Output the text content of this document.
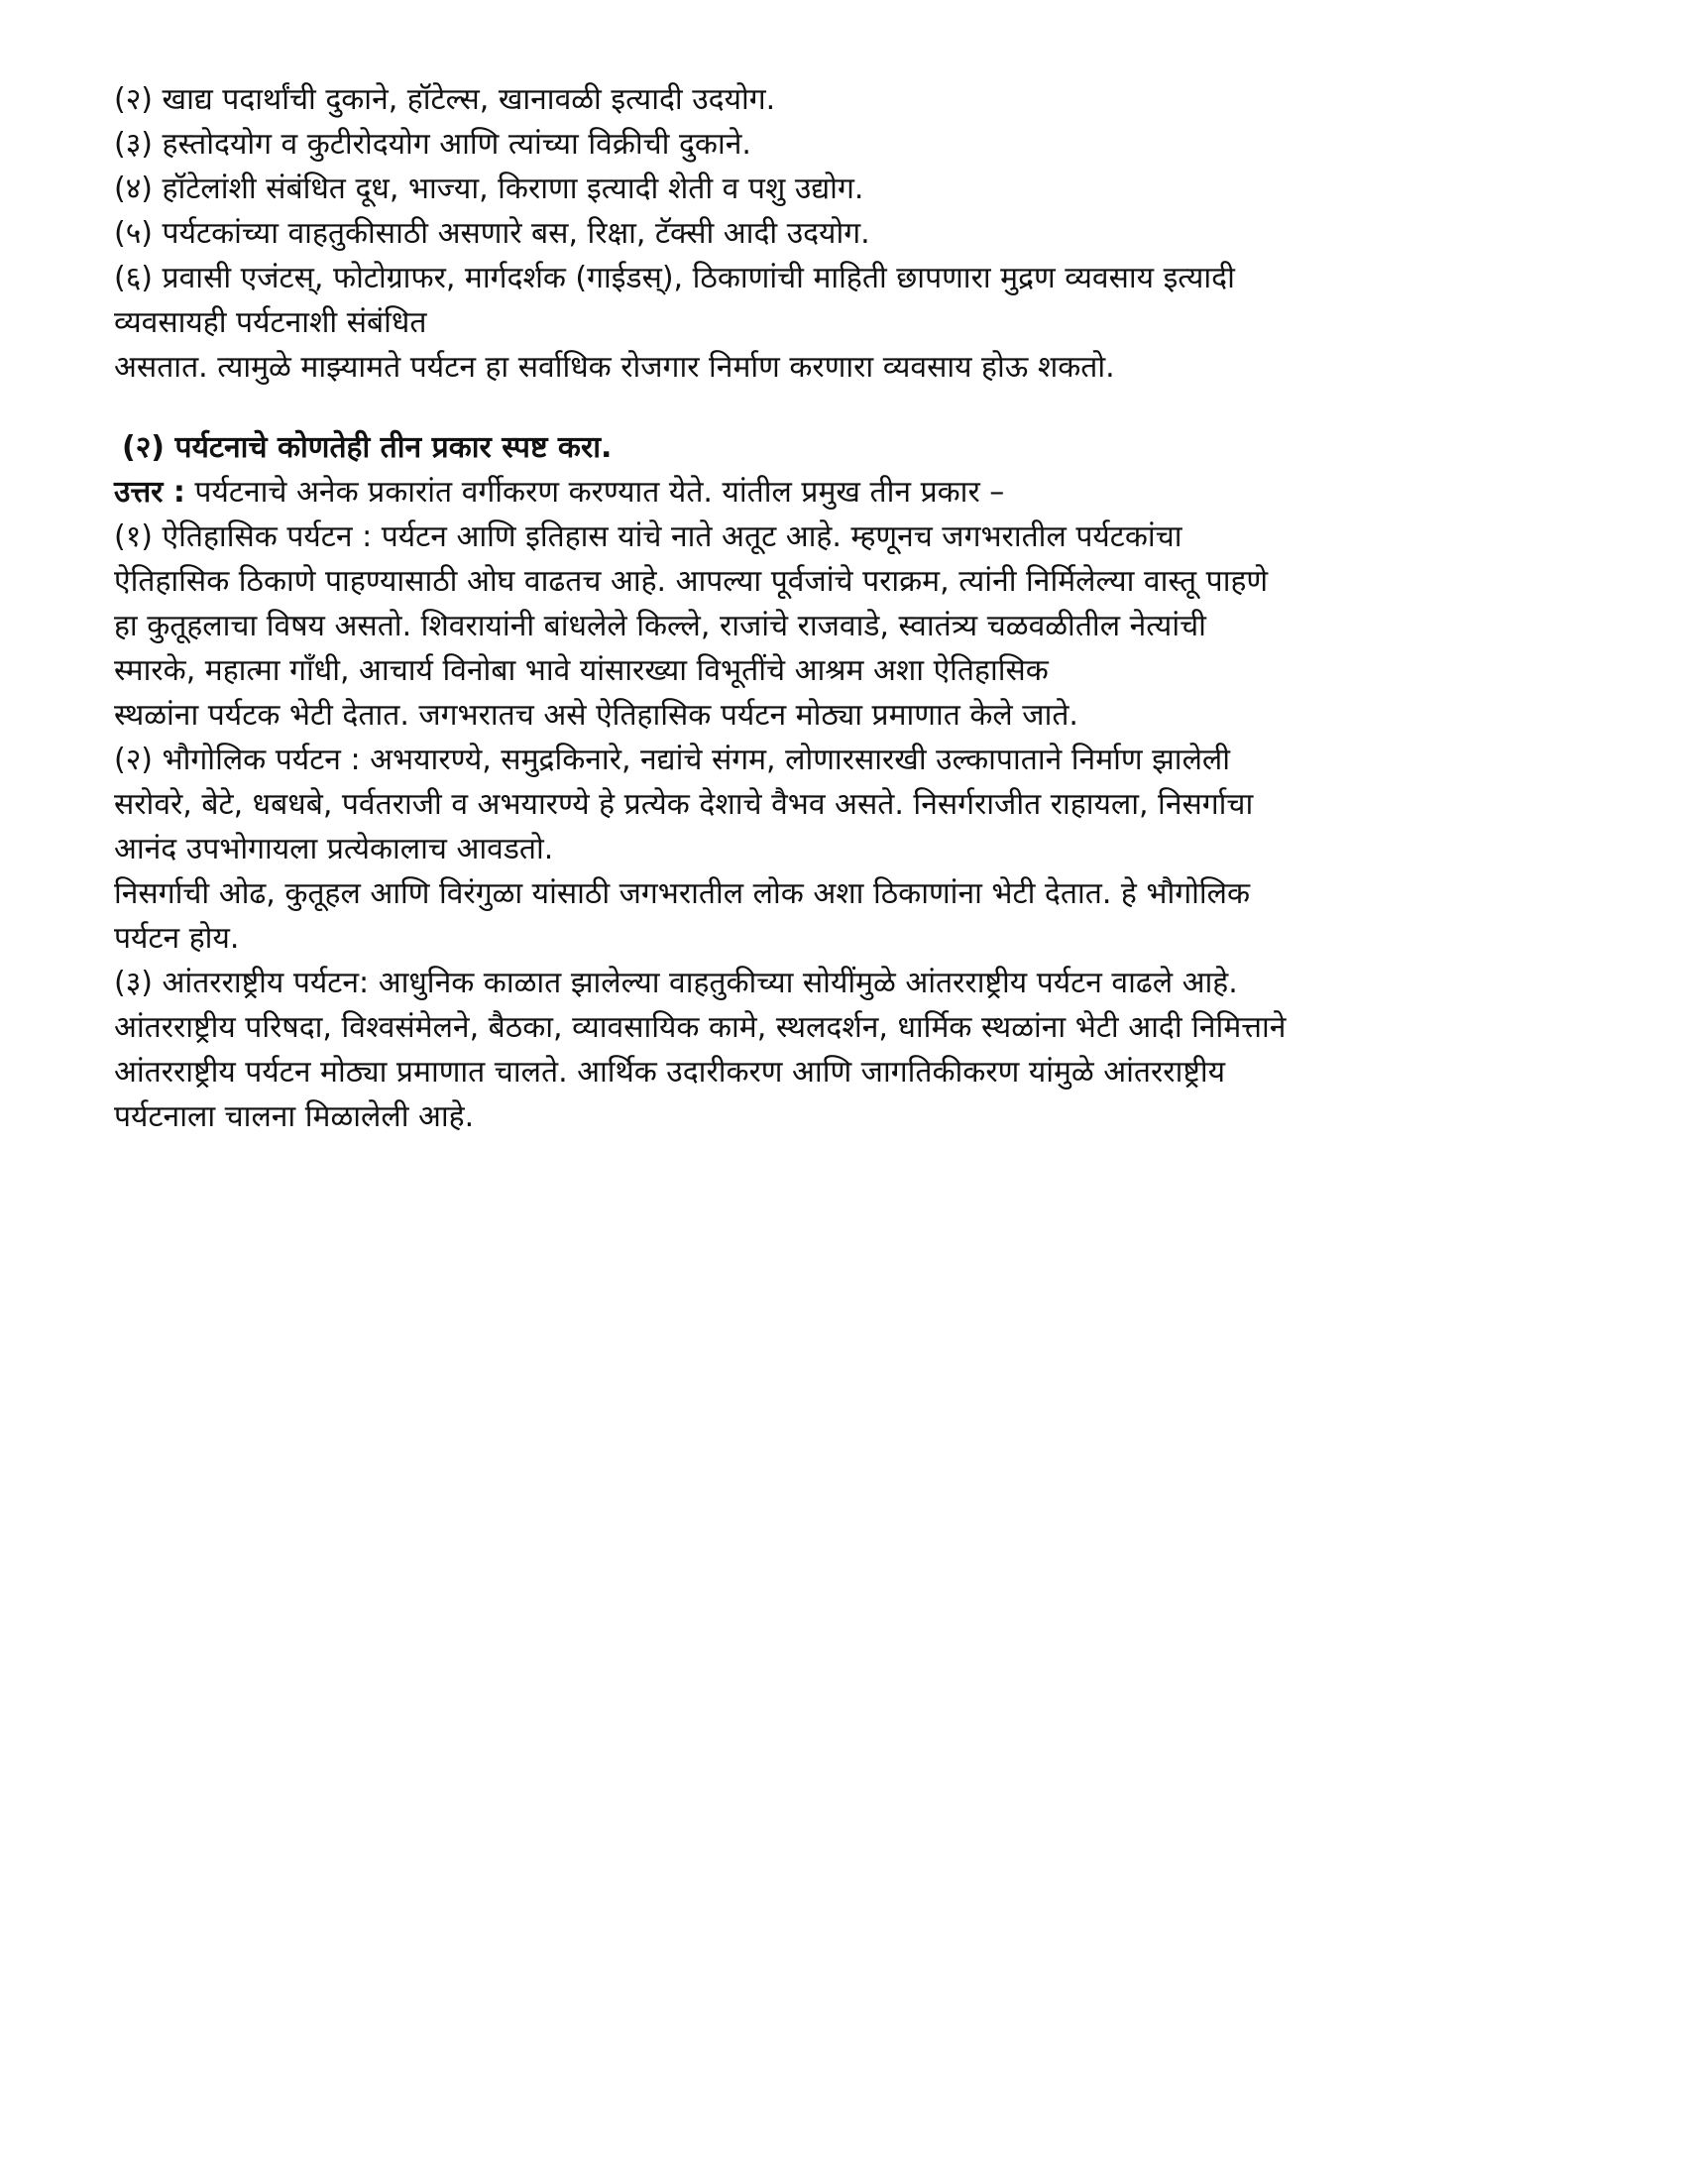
(२) खाद्य पदार्थांची दुकाने, हॉटेल्स, खानावळी इत्यादी उदयोग.

(३) हस्तोदयोग व कुटीरोदयोग आणि त्यांच्या विक्रीची दुकाने.

(४) हॉटेलांशी संबंधित दूध, भाज्या, किराणा इत्यादी शेती व पशु उद्योग.

(५) पर्यटकांच्या वाहतुकीसाठी असणारे बस, रिक्षा, टॅक्सी आदी उदयोग.

(६) प्रवासी एजंटस्, फोटोग्राफर, मार्गदर्शक (गाईडस्), ठिकाणांची माहिती छापणारा मुद्रण व्यवसाय इत्यादी

व्यवसायही पर्यटनाशी संबंधित

असतात. त्यामुळे माझ्यामते पर्यटन हा सर्वाधिक रोजगार निर्माण करणारा व्यवसाय होऊ शकतो.

(२) पर्यटनाचे कोणतेही तीन प्रकार स्पष्ट करा.

उत्तर : पर्यटनाचे अनेक प्रकारांत वर्गीकरण करण्यात येते. यांतील प्रमुख तीन प्रकार –

(१) ऐतिहासिक पर्यटन : पर्यटन आणि इतिहास यांचे नाते अतूट आहे. म्हणूनच जगभरातील पर्यटकांचा

ऐतिहासिक ठिकाणे पाहण्यासाठी ओघ वाढतच आहे. आपल्या पूर्वजांचे पराक्रम, त्यांनी निर्मिलेल्या वास्तू पाहणे

हा कुतूहलाचा विषय असतो. शिवरायांनी बांधलेले किल्ले, राजांचे राजवाडे, स्वातंत्र्य चळवळीतील नेत्यांची

स्मारके, महात्मा गाँधी, आचार्य विनोबा भावे यांसारख्या विभूतींचे आश्रम अशा ऐतिहासिक

स्थळांना पर्यटक भेटी देतात. जगभरातच असे ऐतिहासिक पर्यटन मोठ्या प्रमाणात केले जाते.

(२) भौगोलिक पर्यटन : अभयारण्ये, समुद्रकिनारे, नद्यांचे संगम, लोणारसारखी उल्कापाताने निर्माण झालेली

सरोवरे, बेटे, धबधबे, पर्वतराजी व अभयारण्ये हे प्रत्येक देशाचे वैभव असते. निसर्गराजीत राहायला, निसर्गाचा

आनंद उपभोगायला प्रत्येकालाच आवडतो.

निसर्गाची ओढ, कुतूहल आणि विरंगुळा यांसाठी जगभरातील लोक अशा ठिकाणांना भेटी देतात. हे भौगोलिक

पर्यटन होय.

(३) आंतरराष्ट्रीय पर्यटन: आधुनिक काळात झालेल्या वाहतुकीच्या सोयींमुळे आंतरराष्ट्रीय पर्यटन वाढले आहे.

आंतरराष्ट्रीय परिषदा, विश्वसंमेलने, बैठका, व्यावसायिक कामे, स्थलदर्शन, धार्मिक स्थळांना भेटी आदी निमित्ताने

आंतरराष्ट्रीय पर्यटन मोठ्या प्रमाणात चालते. आर्थिक उदारीकरण आणि जागतिकीकरण यांमुळे आंतरराष्ट्रीय

पर्यटनाला चालना मिळालेली आहे.
